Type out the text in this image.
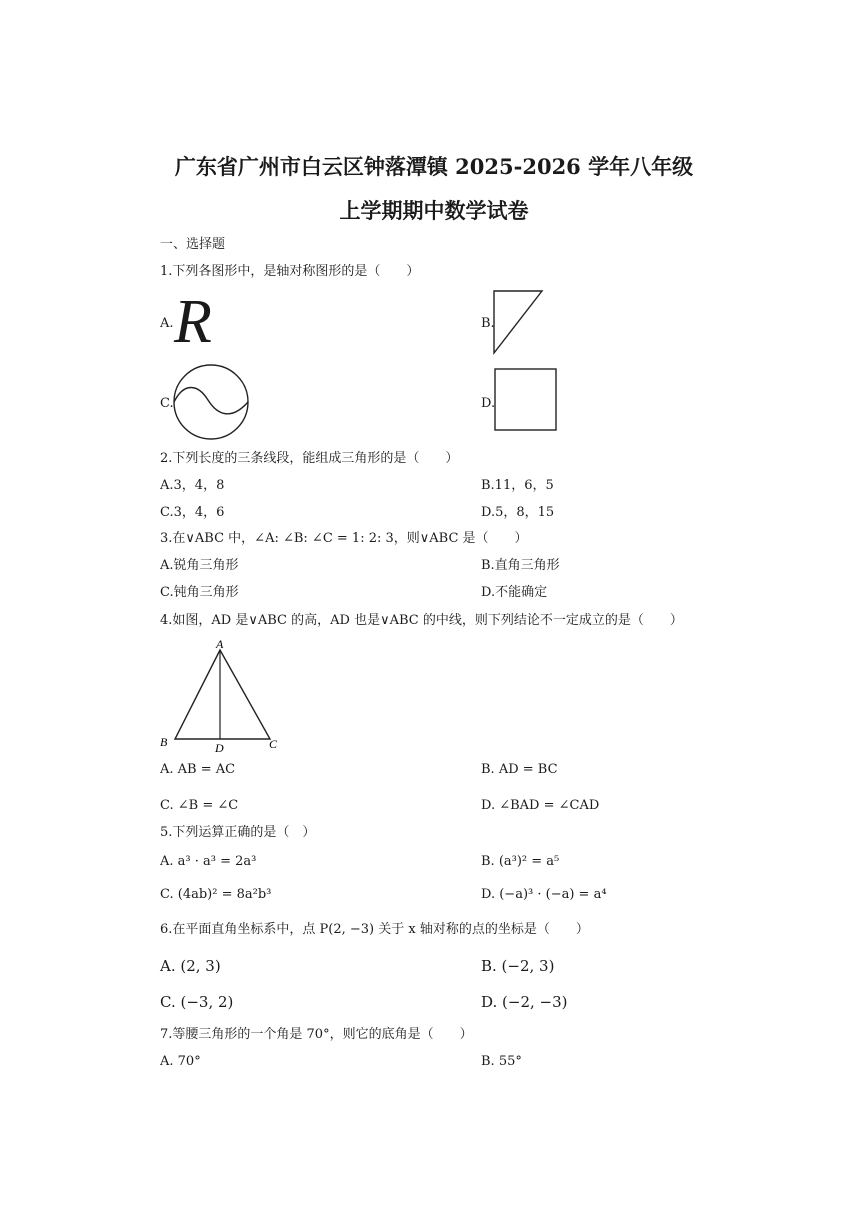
广东省广州市白云区钟落潭镇 2025-2026 学年八年级
上学期期中数学试卷
一、选择题
1.下列各图形中，是轴对称图形的是（　　）
A. R	B.
C.	D.
2.下列长度的三条线段，能组成三角形的是（　　）
A.3，4，8	B.11，6，5
C.3，4，6	D.5，8，15
3.在∨ABC 中，∠A: ∠B: ∠C = 1: 2: 3，则∨ABC 是（　　）
A.锐角三角形	B.直角三角形
C.钝角三角形	D.不能确定
4.如图，AD 是∨ABC 的高，AD 也是∨ABC 的中线，则下列结论不一定成立的是（　　）
A
B	C
D
A. AB = AC	B. AD = BC
C. ∠B = ∠C	D. ∠BAD = ∠CAD
5.下列运算正确的是（　）
A. a³ · a³ = 2a³	B. (a³)² = a⁵
C. (4ab)² = 8a²b³	D. (−a)³ · (−a) = a⁴
6.在平面直角坐标系中，点 P(2, −3) 关于 x 轴对称的点的坐标是（　　）
A. (2, 3)	B. (−2, 3)
C. (−3, 2)	D. (−2, −3)
7.等腰三角形的一个角是 70°，则它的底角是（　　）
A. 70°	B. 55°
